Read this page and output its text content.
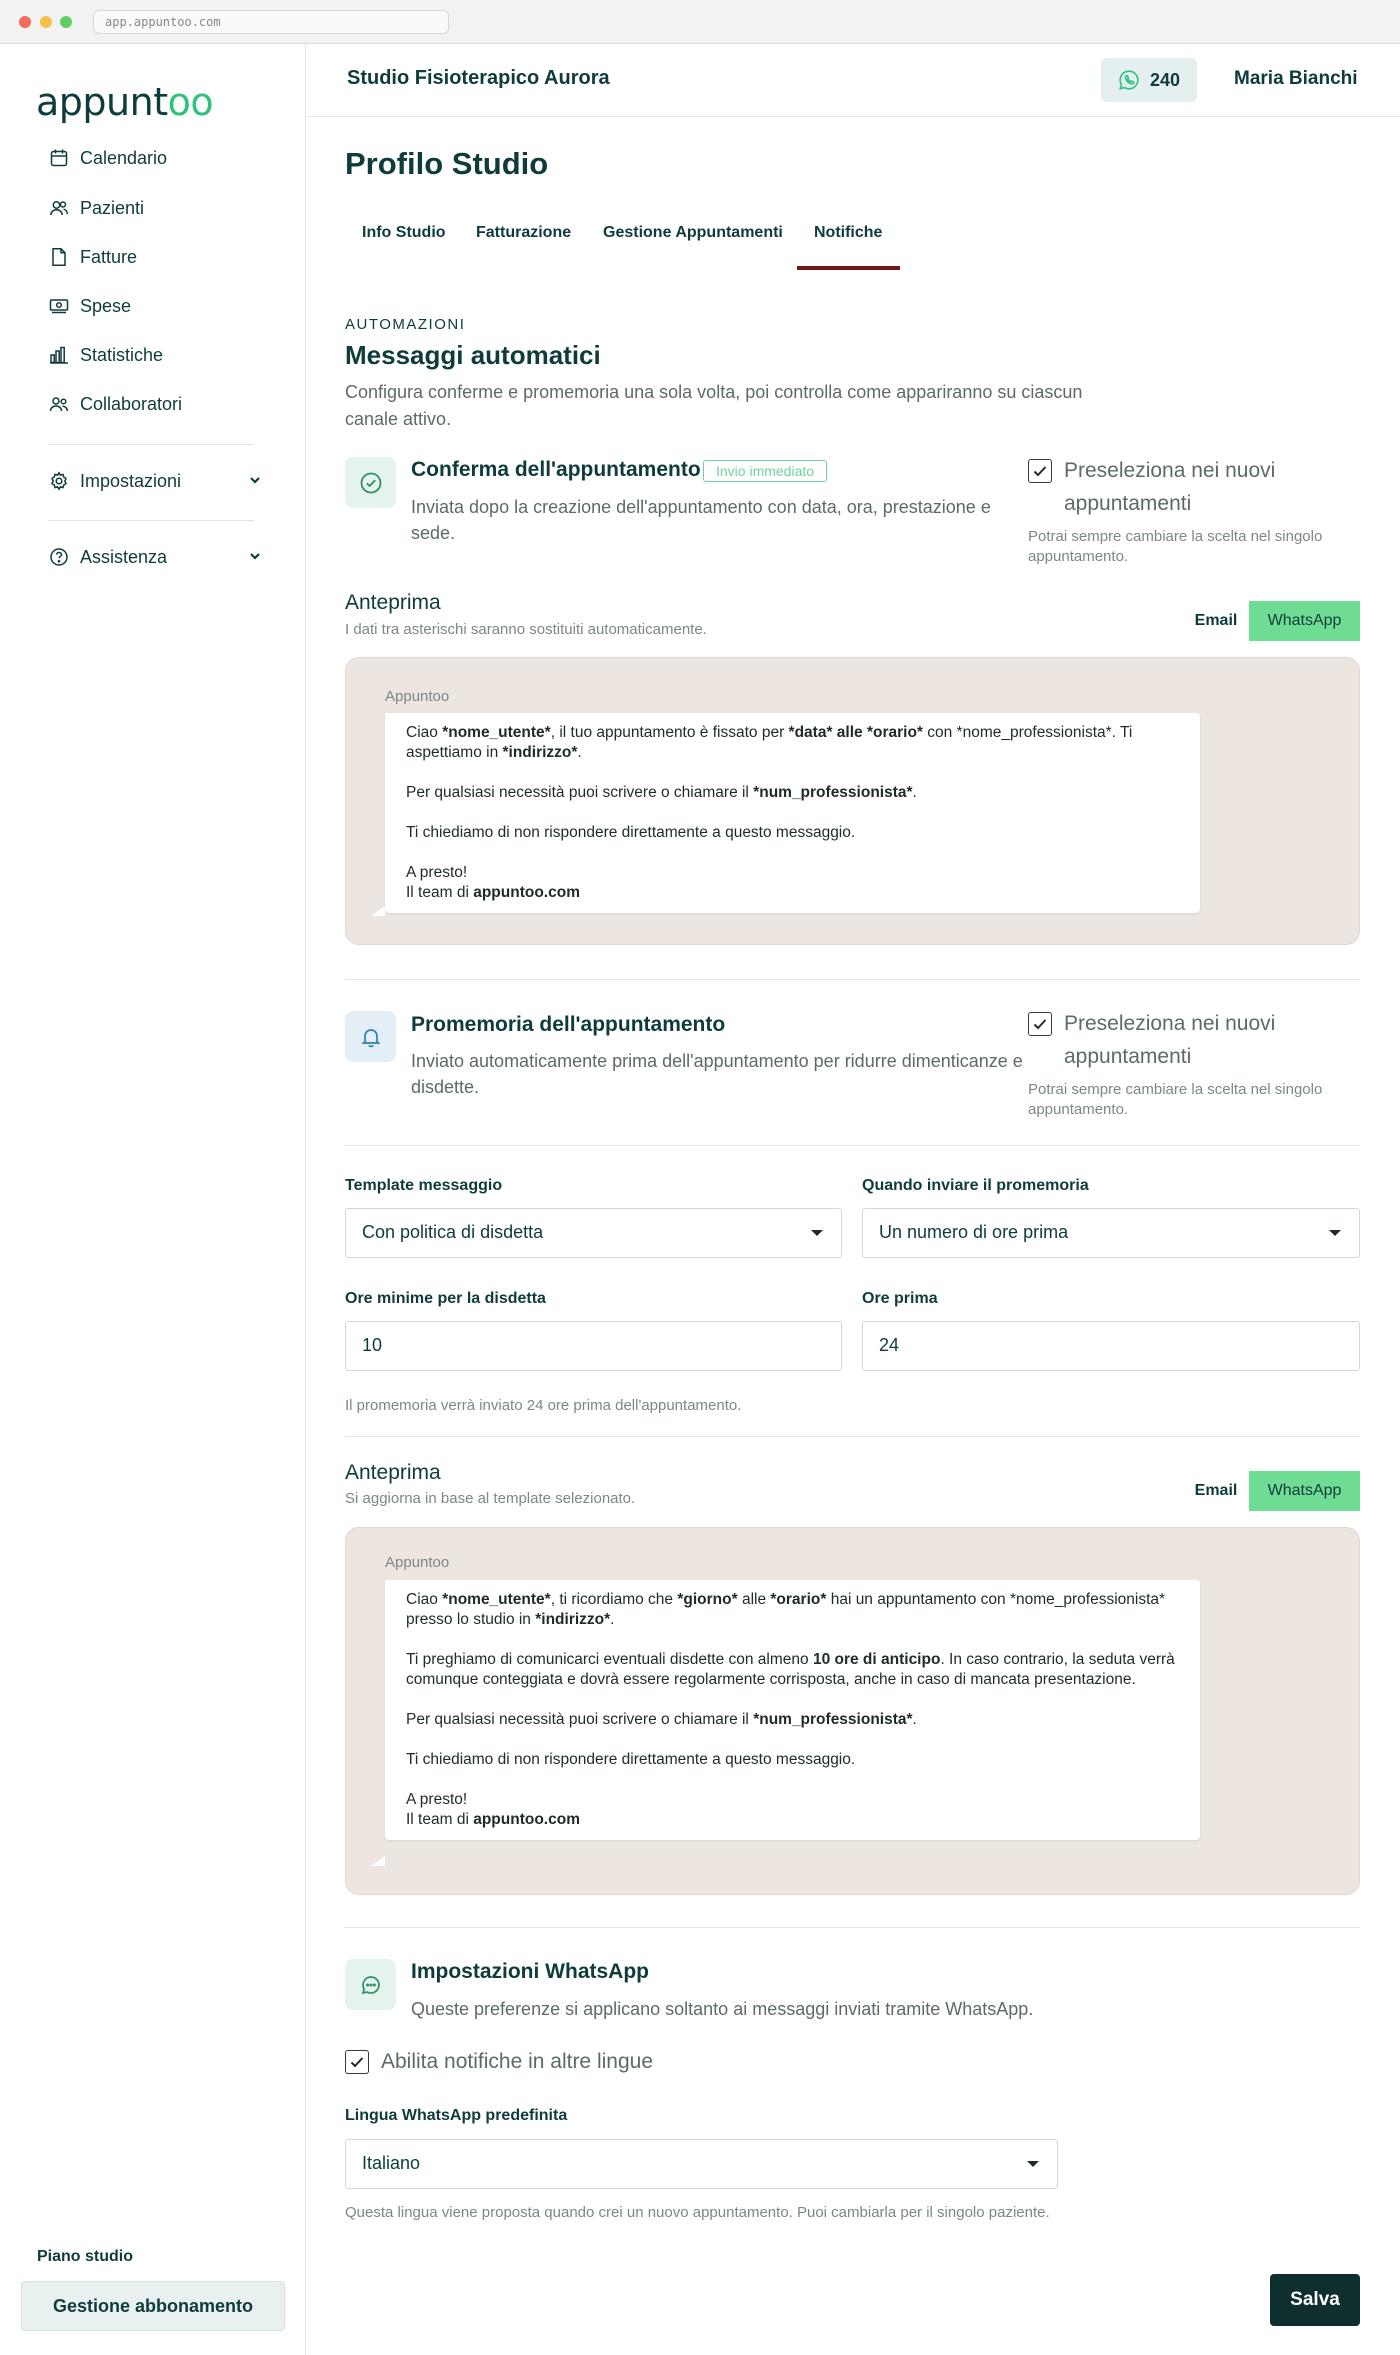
app.appuntoo.com
appuntoo
Calendario
Pazienti
Fatture
Spese
Statistiche
Collaboratori
Impostazioni
Assistenza
Piano studio
Gestione abbonamento
Studio Fisioterapico Aurora	240	Maria Bianchi
Profilo Studio
Info Studio Fatturazione Gestione Appuntamenti Notifiche
AUTOMAZIONI
Messaggi automatici

Configura conferme e promemoria una sola volta, poi controlla come appariranno su ciascun canale attivo.

Conferma dell'appuntamento	Invio immediato

Inviata dopo la creazione dell'appuntamento con data, ora, prestazione e sede.

Preseleziona nei nuovi appuntamenti
Potrai sempre cambiare la scelta nel singolo appuntamento.
Anteprima
I dati tra asterischi saranno sostituiti automaticamente.
Email	WhatsApp
Appuntoo

Ciao *nome_utente*, il tuo appuntamento è fissato per *data* alle *orario* con *nome_professionista*. Ti aspettiamo in *indirizzo*.

Per qualsiasi necessità puoi scrivere o chiamare il *num_professionista*.

Ti chiediamo di non rispondere direttamente a questo messaggio.

A presto!
Il team di appuntoo.com

Promemoria dell'appuntamento

Inviato automaticamente prima dell'appuntamento per ridurre dimenticanze e disdette.

Preseleziona nei nuovi appuntamenti
Potrai sempre cambiare la scelta nel singolo appuntamento.
Template messaggio
Con politica di disdetta
Quando inviare il promemoria
Un numero di ore prima
Ore minime per la disdetta
10
Ore prima
24
Il promemoria verrà inviato 24 ore prima dell'appuntamento.
Anteprima
Si aggiorna in base al template selezionato.	Email	WhatsApp
Appuntoo

Ciao *nome_utente*, ti ricordiamo che *giorno* alle *orario* hai un appuntamento con *nome_professionista* presso lo studio in *indirizzo*.

Ti preghiamo di comunicarci eventuali disdette con almeno 10 ore di anticipo. In caso contrario, la seduta verrà comunque conteggiata e dovrà essere regolarmente corrisposta, anche in caso di mancata presentazione.

Per qualsiasi necessità puoi scrivere o chiamare il *num_professionista*.

Ti chiediamo di non rispondere direttamente a questo messaggio.

A presto!
Il team di appuntoo.com

Impostazioni WhatsApp

Queste preferenze si applicano soltanto ai messaggi inviati tramite WhatsApp.

Abilita notifiche in altre lingue
Lingua WhatsApp predefinita
Italiano
Questa lingua viene proposta quando crei un nuovo appuntamento. Puoi cambiarla per il singolo paziente.
Salva
